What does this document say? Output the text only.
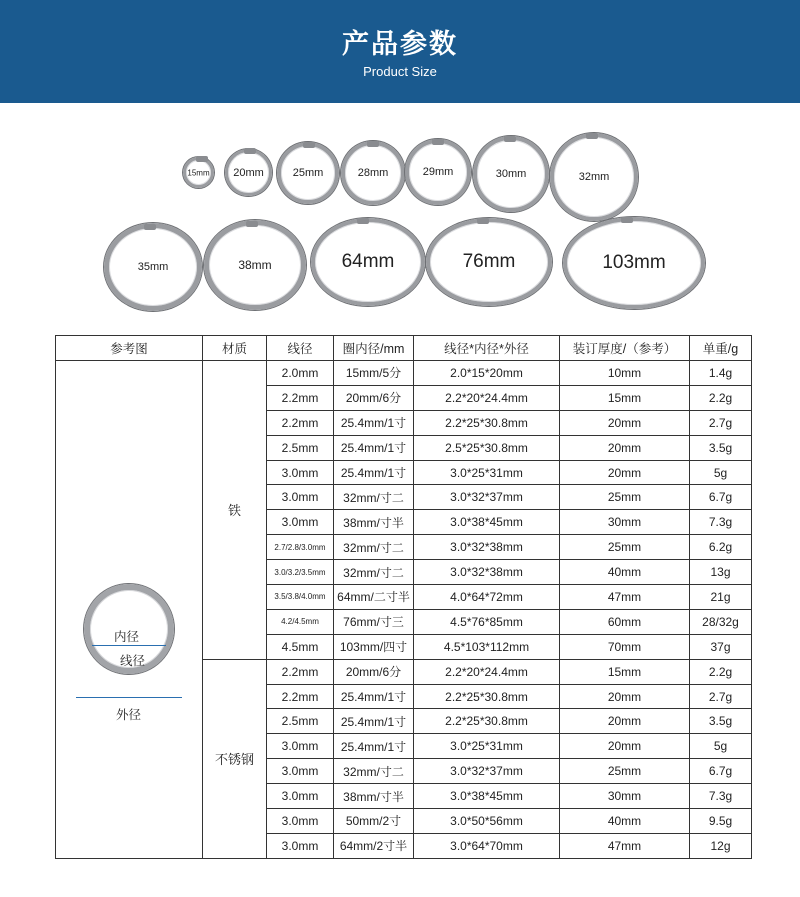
产品参数
Product Size
15mm	20mm	25mm	28mm	29mm	30mm	32mm
35mm	38mm	64mm	76mm	103mm
参考图	材质	线径	圈内径/mm	线径*内径*外径	装订厚度/（参考）	单重/g

内径
线径
外径	铁	2.0mm	15mm/5分	2.0*15*20mm	10mm	1.4g
		2.2mm	20mm/6分	2.2*20*24.4mm	15mm	2.2g
		2.2mm	25.4mm/1寸	2.2*25*30.8mm	20mm	2.7g
		2.5mm	25.4mm/1寸	2.5*25*30.8mm	20mm	3.5g
		3.0mm	25.4mm/1寸	3.0*25*31mm	20mm	5g
		3.0mm	32mm/寸二	3.0*32*37mm	25mm	6.7g
		3.0mm	38mm/寸半	3.0*38*45mm	30mm	7.3g
		2.7/2.8/3.0mm	32mm/寸二	3.0*32*38mm	25mm	6.2g
		3.0/3.2/3.5mm	32mm/寸二	3.0*32*38mm	40mm	13g
		3.5/3.8/4.0mm	64mm/二寸半	4.0*64*72mm	47mm	21g
		4.2/4.5mm	76mm/寸三	4.5*76*85mm	60mm	28/32g
		4.5mm	103mm/四寸	4.5*103*112mm	70mm	37g
	不锈钢	2.2mm	20mm/6分	2.2*20*24.4mm	15mm	2.2g
		2.2mm	25.4mm/1寸	2.2*25*30.8mm	20mm	2.7g
		2.5mm	25.4mm/1寸	2.2*25*30.8mm	20mm	3.5g
		3.0mm	25.4mm/1寸	3.0*25*31mm	20mm	5g
		3.0mm	32mm/寸二	3.0*32*37mm	25mm	6.7g
		3.0mm	38mm/寸半	3.0*38*45mm	30mm	7.3g
		3.0mm	50mm/2寸	3.0*50*56mm	40mm	9.5g
		3.0mm	64mm/2寸半	3.0*64*70mm	47mm	12g
